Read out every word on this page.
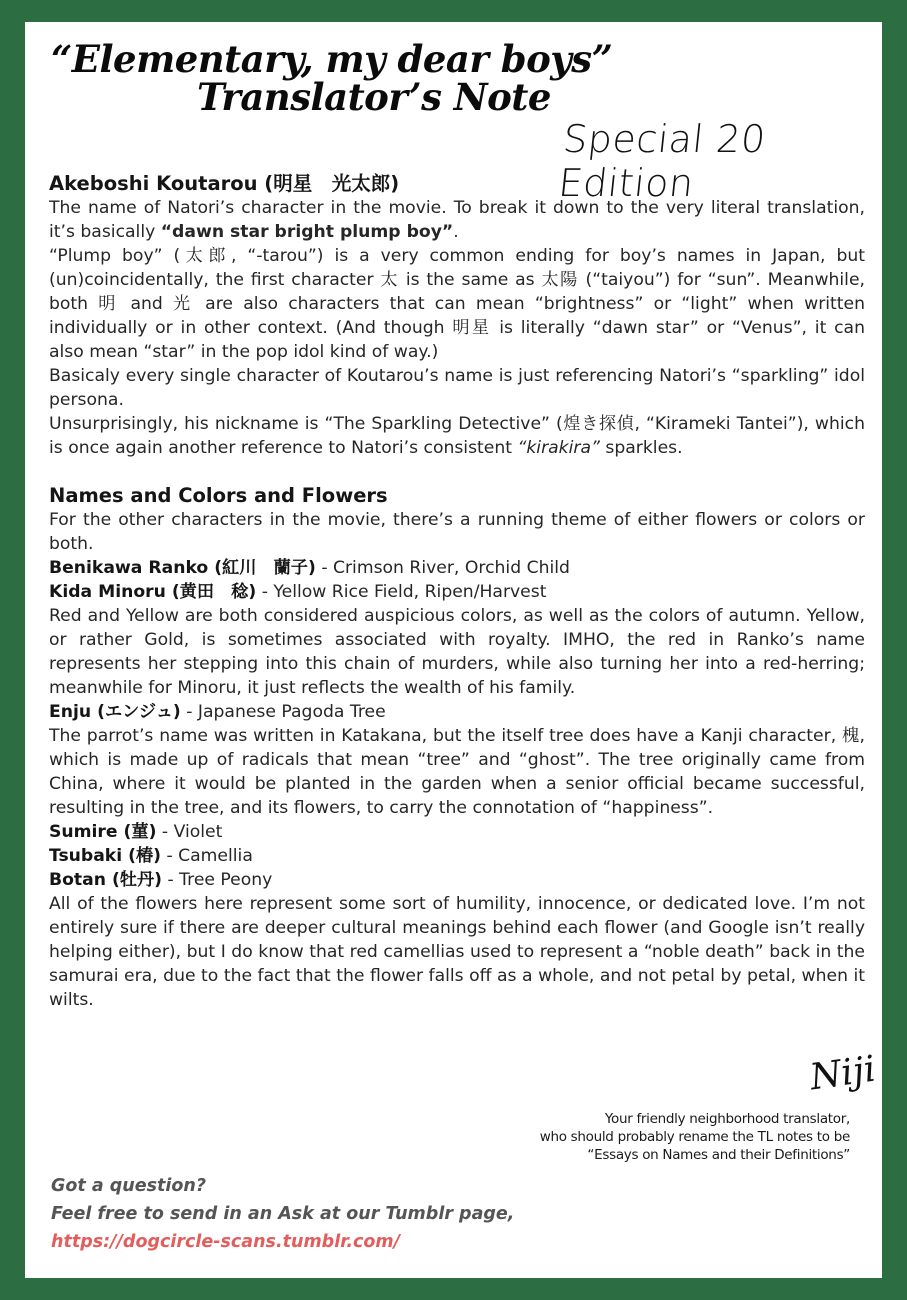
“Elementary, my dear boys”
Translator’s Note
Special 20 Edition
Akeboshi Koutarou (明星　光太郎)

The name of Natori’s character in the movie. To break it down to the very literal translation, it’s basically “dawn star bright plump boy”.

“Plump boy” (太郎, “-tarou”) is a very common ending for boy’s names in Japan, but (un)coincidentally, the first character 太 is the same as 太陽 (“taiyou”) for “sun”. Meanwhile, both 明 and 光 are also characters that can mean “brightness” or “light” when written individually or in other context. (And though 明星 is literally “dawn star” or “Venus”, it can also mean “star” in the pop idol kind of way.)

Basicaly every single character of Koutarou’s name is just referencing Natori’s “sparkling” idol persona.

Unsurprisingly, his nickname is “The Sparkling Detective” (煌き探偵, “Kirameki Tantei”), which is once again another reference to Natori’s consistent “kirakira” sparkles.

Names and Colors and Flowers

For the other characters in the movie, there’s a running theme of either flowers or colors or both.

Benikawa Ranko (紅川　蘭子) - Crimson River, Orchid Child
Kida Minoru (黄田　稔) - Yellow Rice Field, Ripen/Harvest

Red and Yellow are both considered auspicious colors, as well as the colors of autumn. Yellow, or rather Gold, is sometimes associated with royalty. IMHO, the red in Ranko’s name represents her stepping into this chain of murders, while also turning her into a red-herring; meanwhile for Minoru, it just reflects the wealth of his family.

Enju (エンジュ) - Japanese Pagoda Tree

The parrot’s name was written in Katakana, but the itself tree does have a Kanji character, 槐, which is made up of radicals that mean “tree” and “ghost”. The tree originally came from China, where it would be planted in the garden when a senior official became successful, resulting in the tree, and its flowers, to carry the connotation of “happiness”.

Sumire (菫) - Violet
Tsubaki (椿) - Camellia
Botan (牡丹) - Tree Peony

All of the flowers here represent some sort of humility, innocence, or dedicated love. I’m not entirely sure if there are deeper cultural meanings behind each flower (and Google isn’t really helping either), but I do know that red camellias used to represent a “noble death” back in the samurai era, due to the fact that the flower falls off as a whole, and not petal by petal, when it wilts.

Niji
Your friendly neighborhood translator,
who should probably rename the TL notes to be
“Essays on Names and their Definitions”
Got a question?
Feel free to send in an Ask at our Tumblr page,
https://dogcircle-scans.tumblr.com/
